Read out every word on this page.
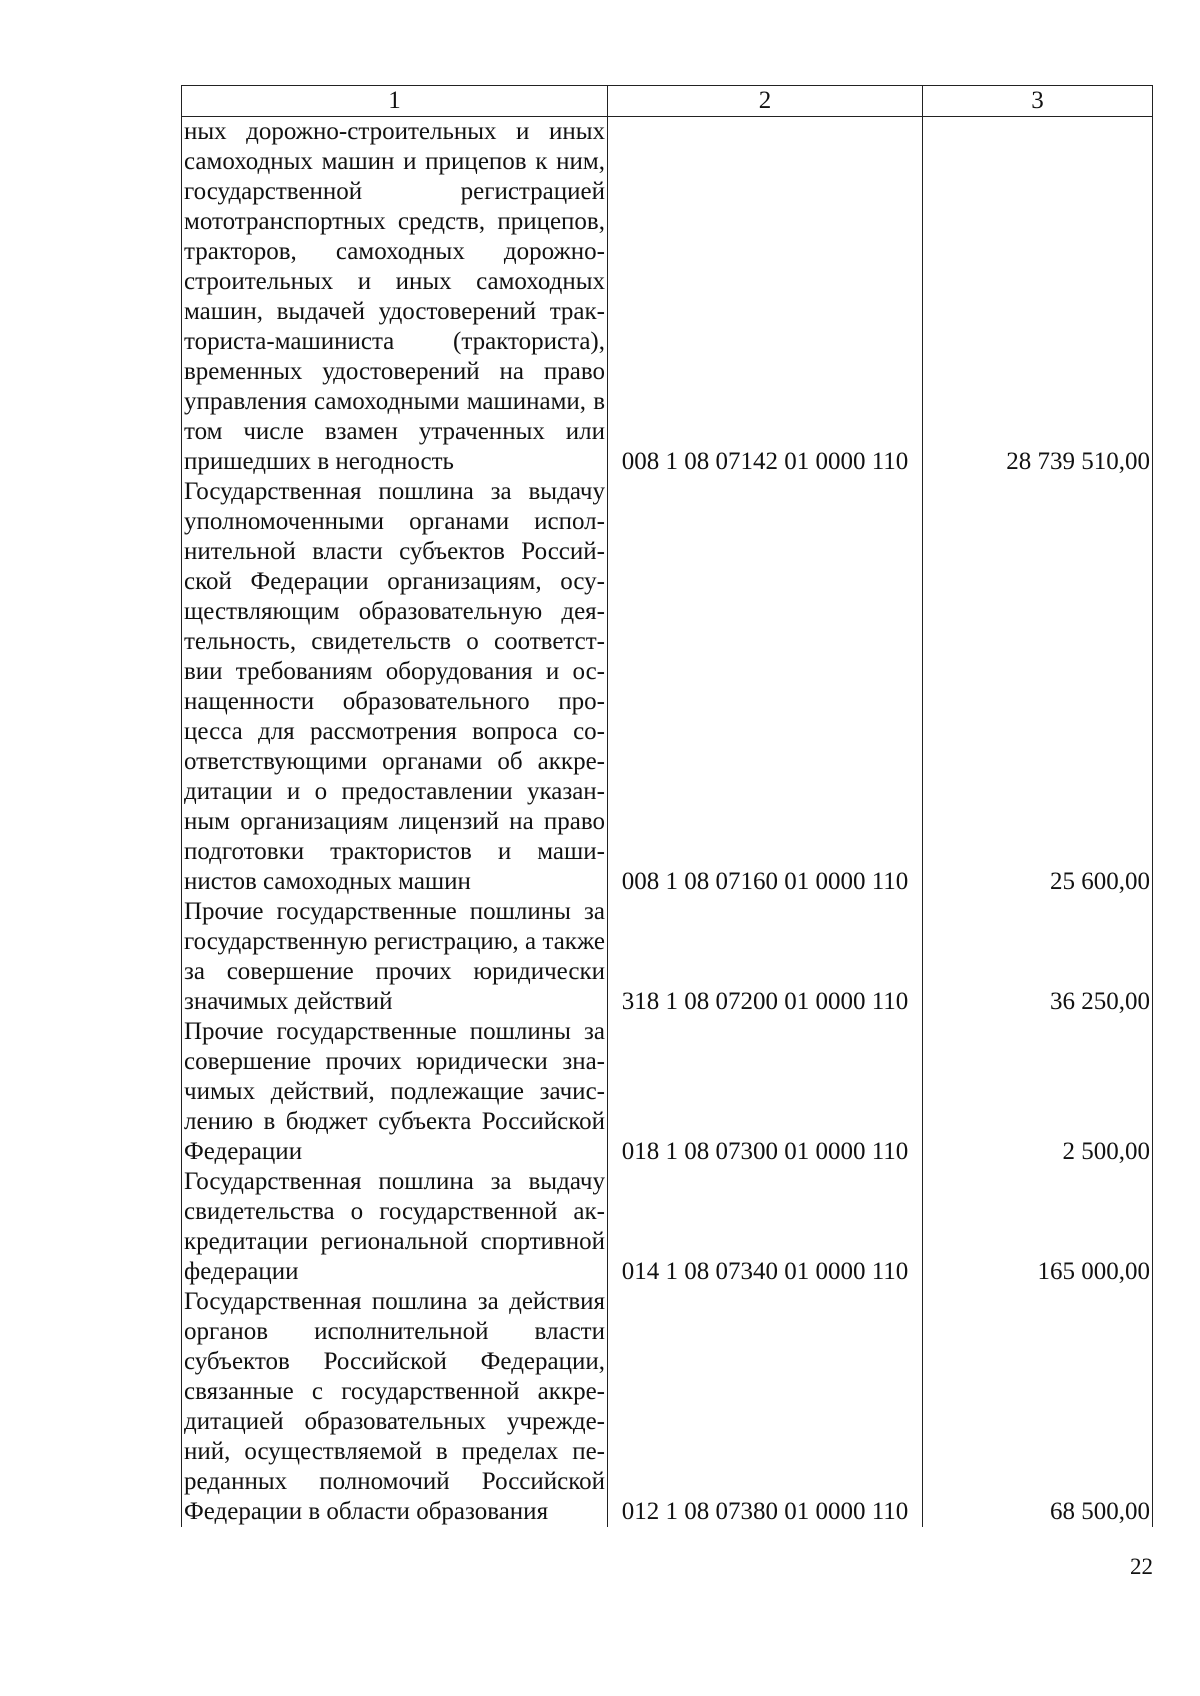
1	2	3
ных дорожно-строительных и иных самоходных машин и прицепов к ним, государственной регистрацией мототранспортных средств, прицепов, тракторов, самоходных дорожно-строительных и иных самоходных машин, выдачей удостоверений тракториста-машиниста (тракториста), временных удостоверений на право управления самоходными машинами, в том числе взамен утраченных или пришедших в негодность	008 1 08 07142 01 0000 110	28 739 510,00
Государственная пошлина за выдачу уполномоченными органами исполнительной власти субъектов Российской Федерации организациям, осуществляющим образовательную деятельность, свидетельств о соответствии требованиям оборудования и оснащенности образовательного процесса для рассмотрения вопроса соответствующими органами об аккредитации и о предоставлении указанным организациям лицензий на право подготовки трактористов и машинистов самоходных машин	008 1 08 07160 01 0000 110	25 600,00
Прочие государственные пошлины за государственную регистрацию, а также за совершение прочих юридически значимых действий	318 1 08 07200 01 0000 110	36 250,00
Прочие государственные пошлины за совершение прочих юридически значимых действий, подлежащие зачислению в бюджет субъекта Российской Федерации	018 1 08 07300 01 0000 110	2 500,00
Государственная пошлина за выдачу свидетельства о государственной аккредитации региональной спортивной федерации	014 1 08 07340 01 0000 110	165 000,00
Государственная пошлина за действия органов исполнительной власти субъектов Российской Федерации, связанные с государственной аккредитацией образовательных учреждений, осуществляемой в пределах переданных полномочий Российской Федерации в области образования	012 1 08 07380 01 0000 110	68 500,00
22
